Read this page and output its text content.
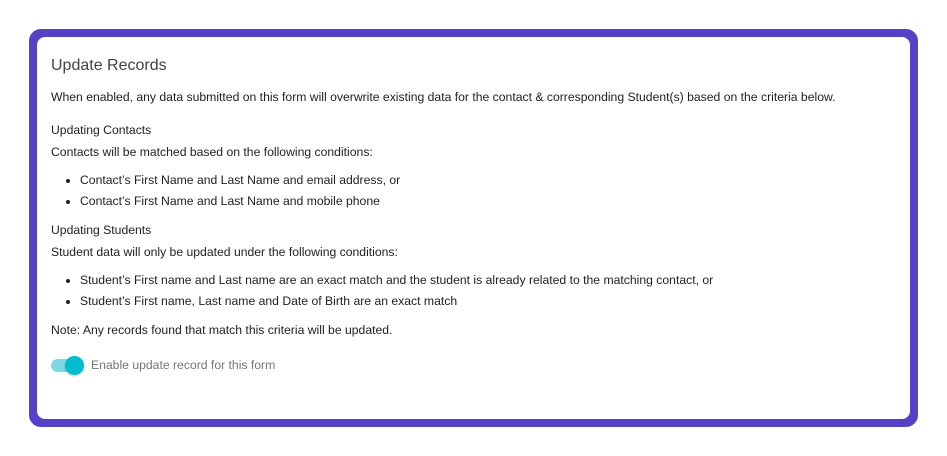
Update Records

When enabled, any data submitted on this form will overwrite existing data for the contact & corresponding Student(s) based on the criteria below.

Updating Contacts

Contacts will be matched based on the following conditions:

• Contact’s First Name and Last Name and email address, or
• Contact’s First Name and Last Name and mobile phone
Updating Students

Student data will only be updated under the following conditions:

• Student’s First name and Last name are an exact match and the student is already related to the matching contact, or
• Student’s First name, Last name and Date of Birth are an exact match

Note: Any records found that match this criteria will be updated.

Enable update record for this form
